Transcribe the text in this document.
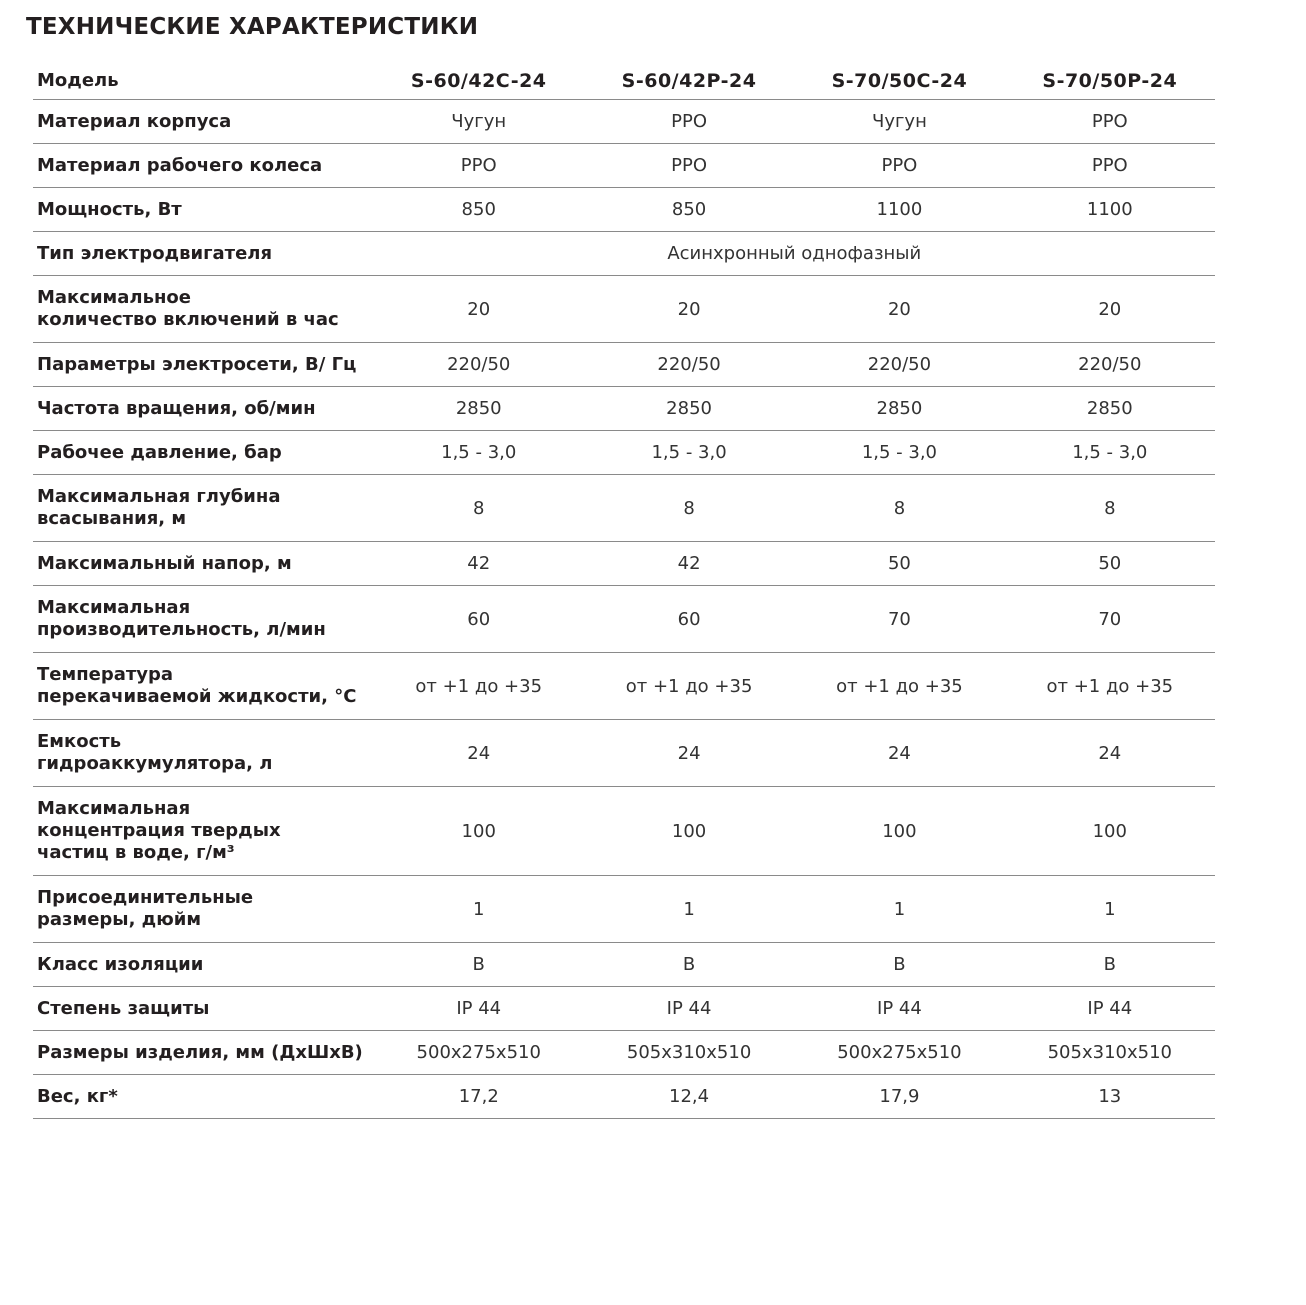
ТЕХНИЧЕСКИЕ ХАРАКТЕРИСТИКИ
Модель	S-60/42C-24	S-60/42P-24	S-70/50C-24	S-70/50P-24

Материал корпуса	Чугун	PPO	Чугун	PPO

Материал рабочего колеса	PPO	PPO	PPO	PPO

Мощность, Вт	850	850	1100	1100

Тип электродвигателя	Асинхронный однофазный			

Максимальное
количество включений в час	20	20	20	20

Параметры электросети, В/ Гц	220/50	220/50	220/50	220/50

Частота вращения, об/мин	2850	2850	2850	2850

Рабочее давление, бар	1,5 - 3,0	1,5 - 3,0	1,5 - 3,0	1,5 - 3,0

Максимальная глубина
всасывания, м	8	8	8	8

Максимальный напор, м	42	42	50	50

Максимальная
производительность, л/мин	60	60	70	70

Температура
перекачиваемой жидкости, °С	от +1 до +35	от +1 до +35	от +1 до +35	от +1 до +35

Емкость
гидроаккумулятора, л	24	24	24	24

Максимальная
концентрация твердых
частиц в воде, г/м³	100	100	100	100

Присоединительные
размеры, дюйм	1	1	1	1

Класс изоляции	B	B	B	B

Степень защиты	IP 44	IP 44	IP 44	IP 44

Размеры изделия, мм (ДхШхВ)	500x275x510	505x310x510	500x275x510	505x310x510

Вес, кг*	17,2	12,4	17,9	13
